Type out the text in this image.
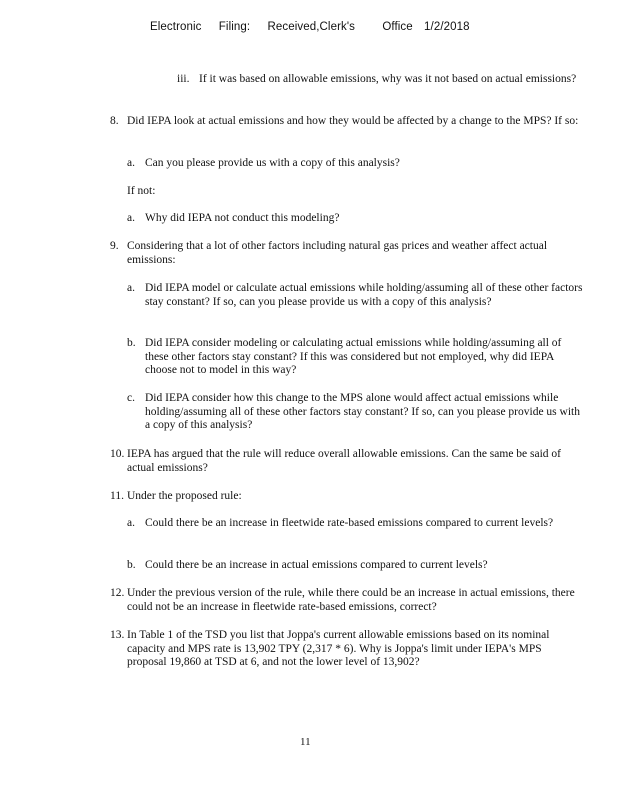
Electronic Filing: Received,Clerk's Office 1/2/2018
iii. If it was based on allowable emissions, why was it not based on actual emissions?
8. Did IEPA look at actual emissions and how they would be affected by a change to the MPS? If so:
a. Can you please provide us with a copy of this analysis?
If not:
a. Why did IEPA not conduct this modeling?
9. Considering that a lot of other factors including natural gas prices and weather affect actual emissions:
a. Did IEPA model or calculate actual emissions while holding/assuming all of these other factors stay constant? If so, can you please provide us with a copy of this analysis?
b. Did IEPA consider modeling or calculating actual emissions while holding/assuming all of these other factors stay constant? If this was considered but not employed, why did IEPA choose not to model in this way?
c. Did IEPA consider how this change to the MPS alone would affect actual emissions while holding/assuming all of these other factors stay constant? If so, can you please provide us with a copy of this analysis?
10. IEPA has argued that the rule will reduce overall allowable emissions. Can the same be said of actual emissions?
11. Under the proposed rule:
a. Could there be an increase in fleetwide rate-based emissions compared to current levels?
b. Could there be an increase in actual emissions compared to current levels?
12. Under the previous version of the rule, while there could be an increase in actual emissions, there could not be an increase in fleetwide rate-based emissions, correct?
13. In Table 1 of the TSD you list that Joppa's current allowable emissions based on its nominal capacity and MPS rate is 13,902 TPY (2,317 * 6). Why is Joppa's limit under IEPA's MPS proposal 19,860 at TSD at 6, and not the lower level of 13,902?
11
